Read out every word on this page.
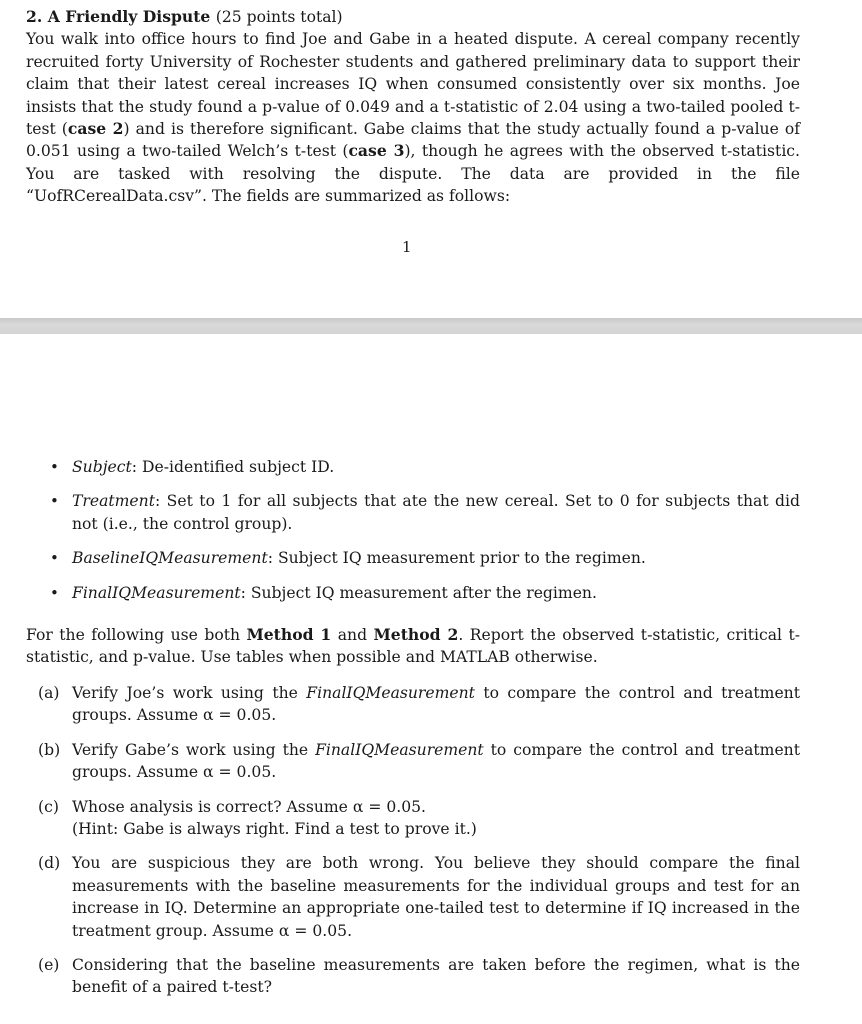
2. A Friendly Dispute (25 points total)
You walk into office hours to find Joe and Gabe in a heated dispute. A cereal company recently recruited forty University of Rochester students and gathered preliminary data to support their claim that their latest cereal increases IQ when consumed consistently over six months. Joe insists that the study found a p-value of 0.049 and a t-statistic of 2.04 using a two-tailed pooled t-test (case 2) and is therefore significant. Gabe claims that the study actually found a p-value of 0.051 using a two-tailed Welch’s t-test (case 3), though he agrees with the observed t-statistic. You are tasked with resolving the dispute. The data are provided in the file “UofRCerealData.csv”. The fields are summarized as follows:

1
• Subject: De-identified subject ID.
• Treatment: Set to 1 for all subjects that ate the new cereal. Set to 0 for subjects that did not (i.e., the control group).
• BaselineIQMeasurement: Subject IQ measurement prior to the regimen.
• FinalIQMeasurement: Subject IQ measurement after the regimen.

For the following use both Method 1 and Method 2. Report the observed t-statistic, critical t-statistic, and p-value. Use tables when possible and MATLAB otherwise.

(a) Verify Joe’s work using the FinalIQMeasurement to compare the control and treatment groups. Assume α = 0.05.
(b) Verify Gabe’s work using the FinalIQMeasurement to compare the control and treatment groups. Assume α = 0.05.
(c) Whose analysis is correct? Assume α = 0.05.
(Hint: Gabe is always right. Find a test to prove it.)
(d) You are suspicious they are both wrong. You believe they should compare the final measurements with the baseline measurements for the individual groups and test for an increase in IQ. Determine an appropriate one-tailed test to determine if IQ increased in the treatment group. Assume α = 0.05.
(e) Considering that the baseline measurements are taken before the regimen, what is the benefit of a paired t-test?
